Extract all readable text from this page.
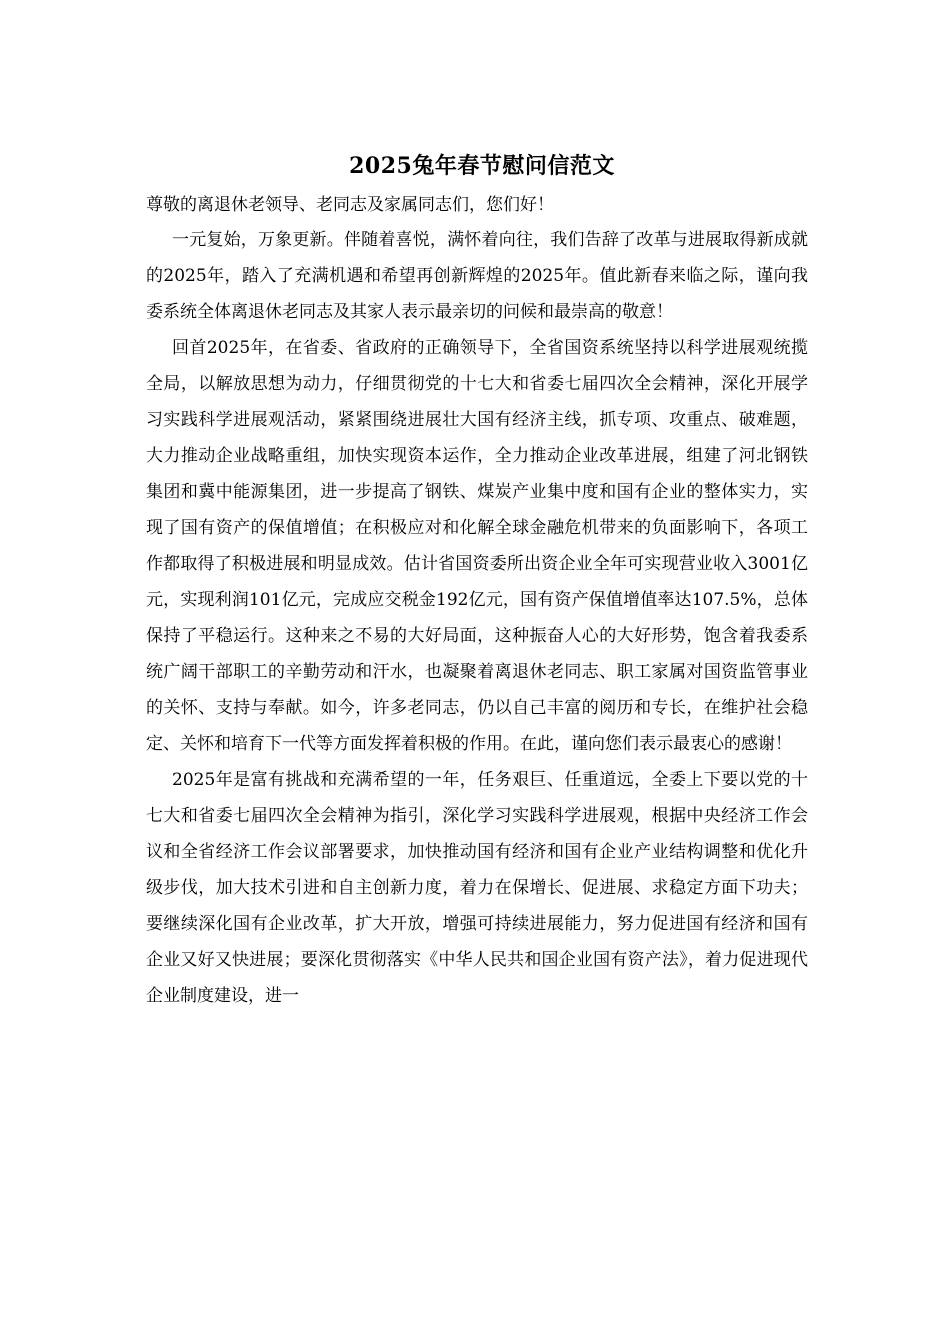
2025兔年春节慰问信范文

尊敬的离退休老领导、老同志及家属同志们，您们好！

一元复始，万象更新。伴随着喜悦，满怀着向往，我们告辞了改革与进展取得新成就的2025年，踏入了充满机遇和希望再创新辉煌的2025年。值此新春来临之际，谨向我委系统全体离退休老同志及其家人表示最亲切的问候和最崇高的敬意！

回首2025年，在省委、省政府的正确领导下，全省国资系统坚持以科学进展观统揽全局，以解放思想为动力，仔细贯彻党的十七大和省委七届四次全会精神，深化开展学习实践科学进展观活动，紧紧围绕进展壮大国有经济主线，抓专项、攻重点、破难题，大力推动企业战略重组，加快实现资本运作，全力推动企业改革进展，组建了河北钢铁集团和冀中能源集团，进一步提高了钢铁、煤炭产业集中度和国有企业的整体实力，实现了国有资产的保值增值；在积极应对和化解全球金融危机带来的负面影响下，各项工作都取得了积极进展和明显成效。估计省国资委所出资企业全年可实现营业收入3001亿元，实现利润101亿元，完成应交税金192亿元，国有资产保值增值率达107.5%，总体保持了平稳运行。这种来之不易的大好局面，这种振奋人心的大好形势，饱含着我委系统广阔干部职工的辛勤劳动和汗水，也凝聚着离退休老同志、职工家属对国资监管事业的关怀、支持与奉献。如今，许多老同志，仍以自己丰富的阅历和专长，在维护社会稳定、关怀和培育下一代等方面发挥着积极的作用。在此，谨向您们表示最衷心的感谢！

2025年是富有挑战和充满希望的一年，任务艰巨、任重道远，全委上下要以党的十七大和省委七届四次全会精神为指引，深化学习实践科学进展观，根据中央经济工作会议和全省经济工作会议部署要求，加快推动国有经济和国有企业产业结构调整和优化升级步伐，加大技术引进和自主创新力度，着力在保增长、促进展、求稳定方面下功夫；要继续深化国有企业改革，扩大开放，增强可持续进展能力，努力促进国有经济和国有企业又好又快进展；要深化贯彻落实《中华人民共和国企业国有资产法》，着力促进现代企业制度建设，进一
